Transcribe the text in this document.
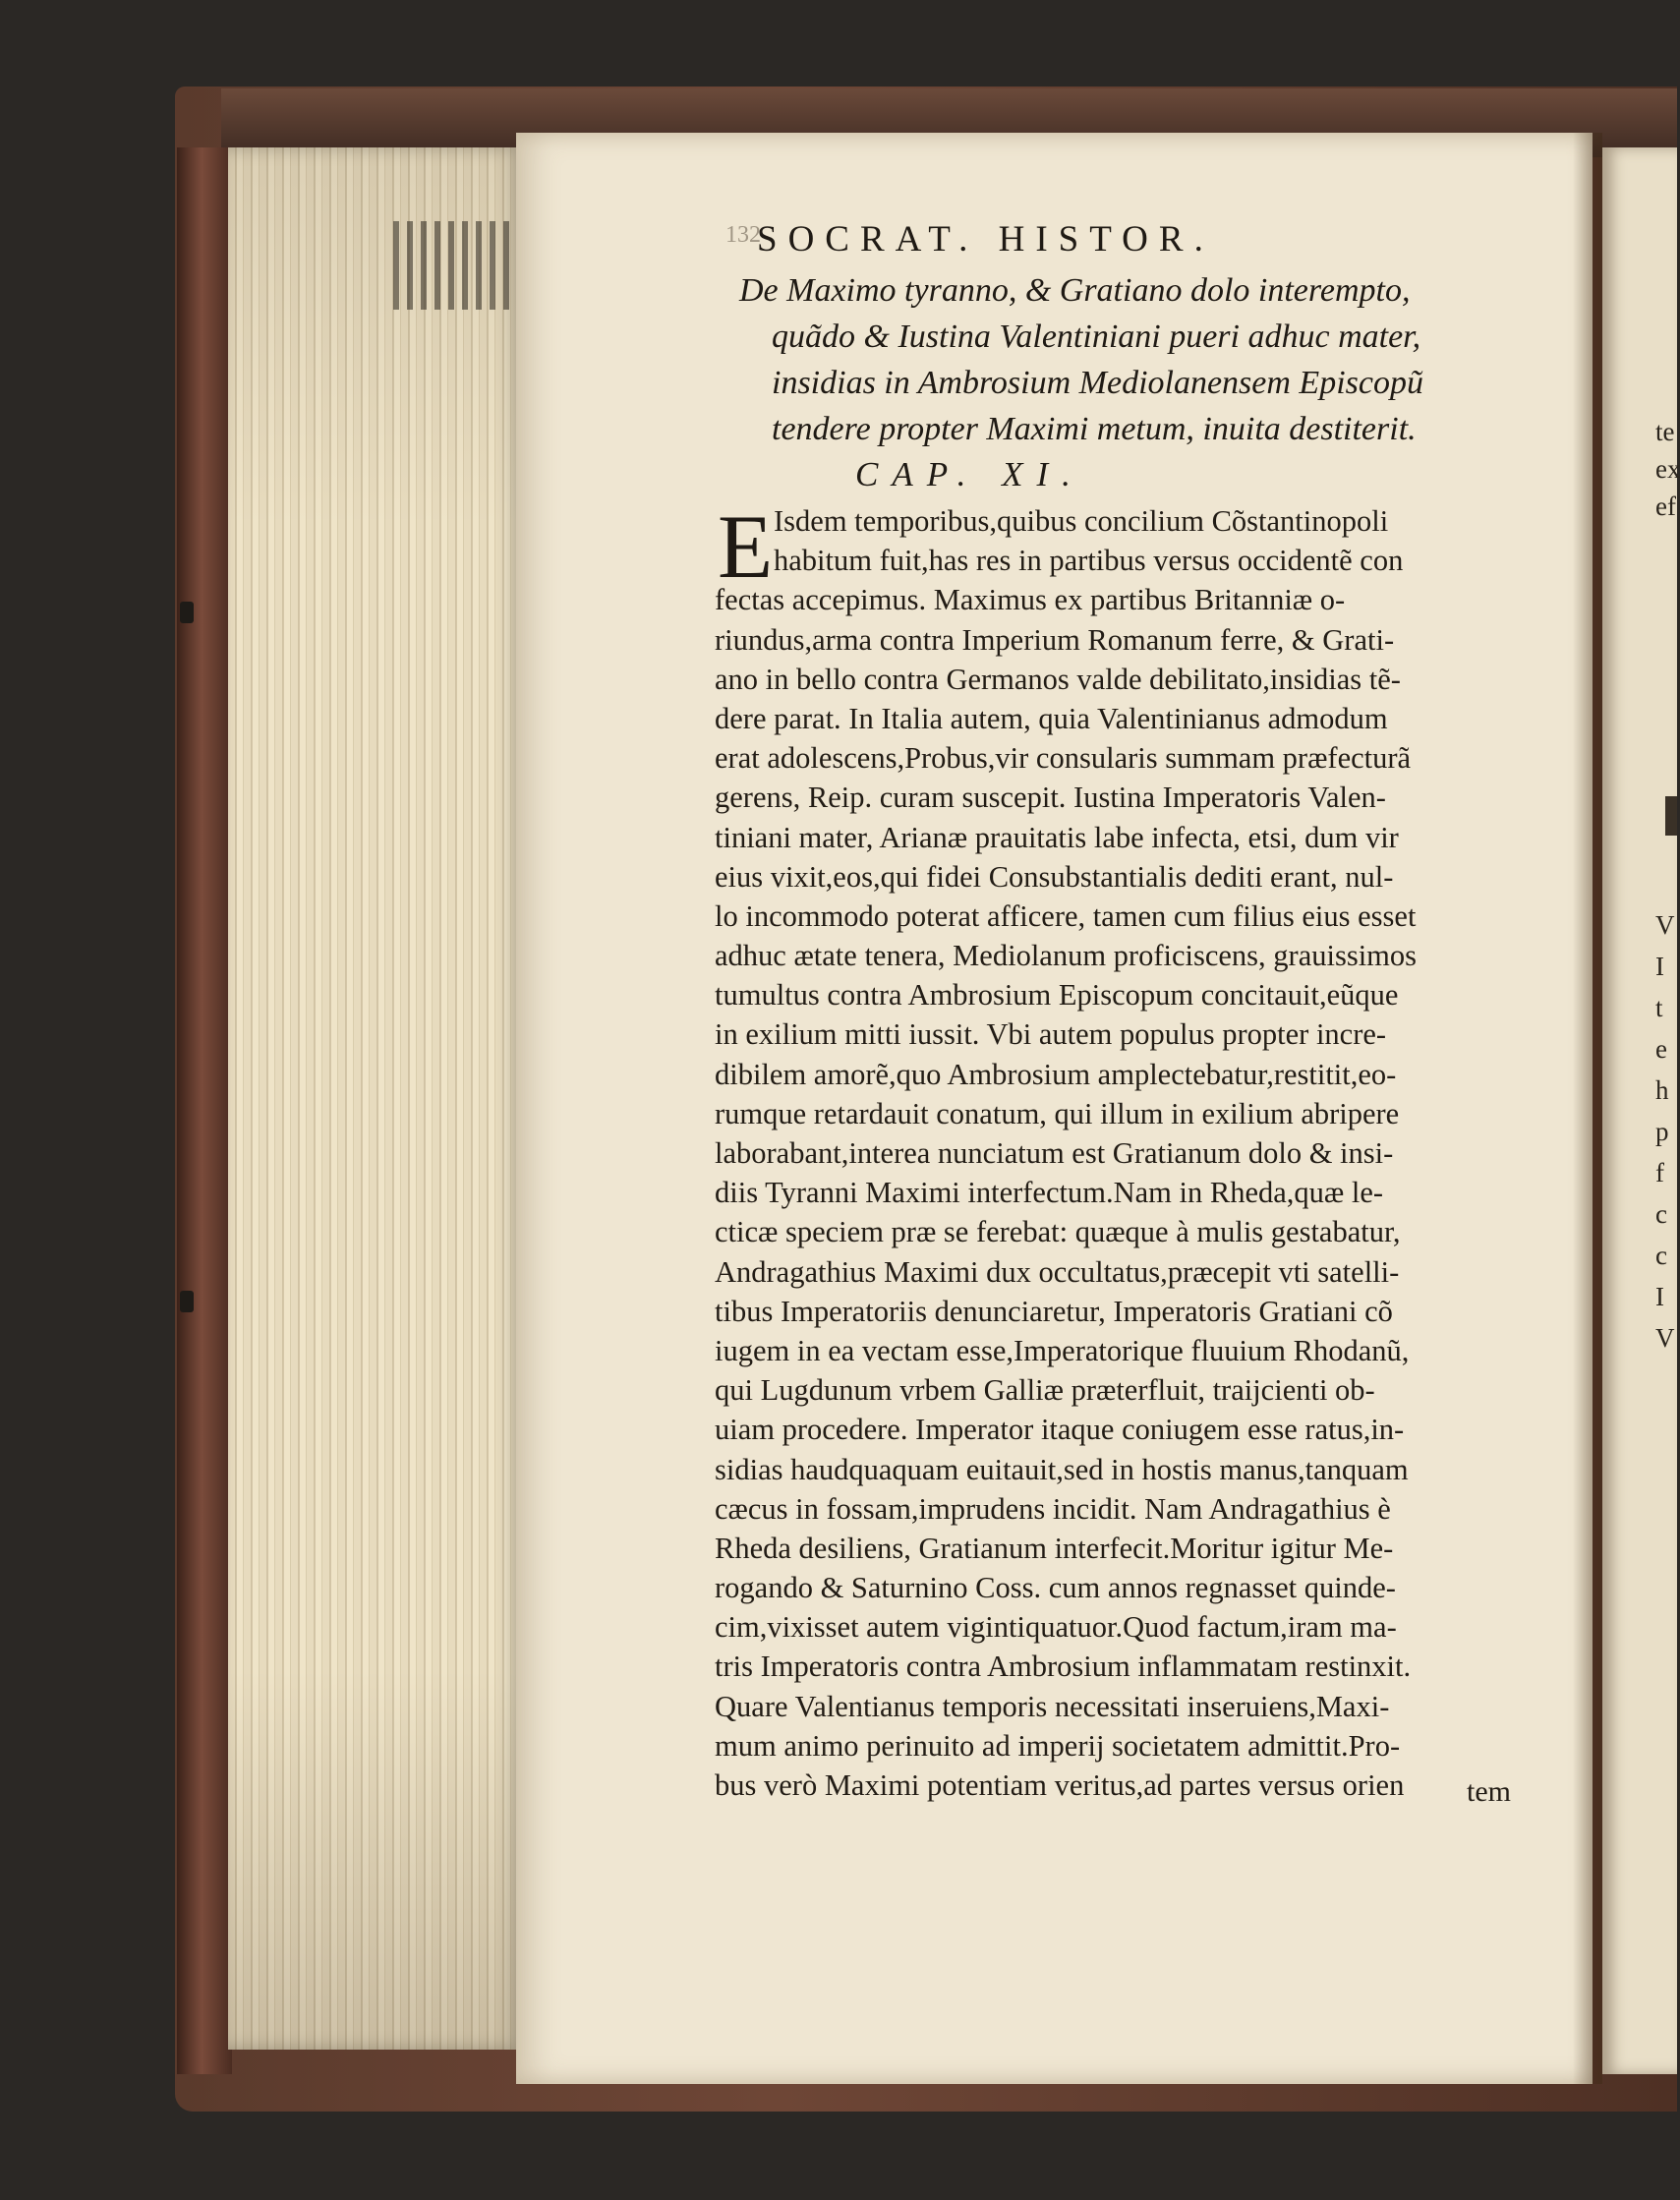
te
ex
ef
V
I
t
e
h
p
f
c
c
I
V
132
SOCRAT. HISTOR.
De Maximo tyranno, & Gratiano dolo interempto,
quãdo & Iustina Valentiniani pueri adhuc mater,
insidias in Ambrosium Mediolanensem Episcopũ
tendere propter Maximi metum, inuita destiterit.
CAP. XI.
E Isdem temporibus,quibus concilium Cõstantinopoli
habitum fuit,has res in partibus versus occidentẽ con
fectas accepimus. Maximus ex partibus Britanniæ o-
riundus,arma contra Imperium Romanum ferre, & Grati-
ano in bello contra Germanos valde debilitato,insidias tẽ-
dere parat. In Italia autem, quia Valentinianus admodum
erat adolescens,Probus,vir consularis summam præfecturã
gerens, Reip. curam suscepit. Iustina Imperatoris Valen-
tiniani mater, Arianæ prauitatis labe infecta, etsi, dum vir
eius vixit,eos,qui fidei Consubstantialis dediti erant, nul-
lo incommodo poterat afficere, tamen cum filius eius esset
adhuc ætate tenera, Mediolanum proficiscens, grauissimos
tumultus contra Ambrosium Episcopum concitauit,eũque
in exilium mitti iussit. Vbi autem populus propter incre-
dibilem amorẽ,quo Ambrosium amplectebatur,restitit,eo-
rumque retardauit conatum, qui illum in exilium abripere
laborabant,interea nunciatum est Gratianum dolo & insi-
diis Tyranni Maximi interfectum.Nam in Rheda,quæ le-
cticæ speciem præ se ferebat: quæque à mulis gestabatur,
Andragathius Maximi dux occultatus,præcepit vti satelli-
tibus Imperatoriis denunciaretur, Imperatoris Gratiani cõ
iugem in ea vectam esse,Imperatorique fluuium Rhodanũ,
qui Lugdunum vrbem Galliæ præterfluit, traijcienti ob-
uiam procedere. Imperator itaque coniugem esse ratus,in-
sidias haudquaquam euitauit,sed in hostis manus,tanquam
cæcus in fossam,imprudens incidit. Nam Andragathius è
Rheda desiliens, Gratianum interfecit.Moritur igitur Me-
rogando & Saturnino Coss. cum annos regnasset quinde-
cim,vixisset autem vigintiquatuor.Quod factum,iram ma-
tris Imperatoris contra Ambrosium inflammatam restinxit.
Quare Valentianus temporis necessitati inseruiens,Maxi-
mum animo perinuito ad imperij societatem admittit.Pro-
bus verò Maximi potentiam veritus,ad partes versus orien	tem
